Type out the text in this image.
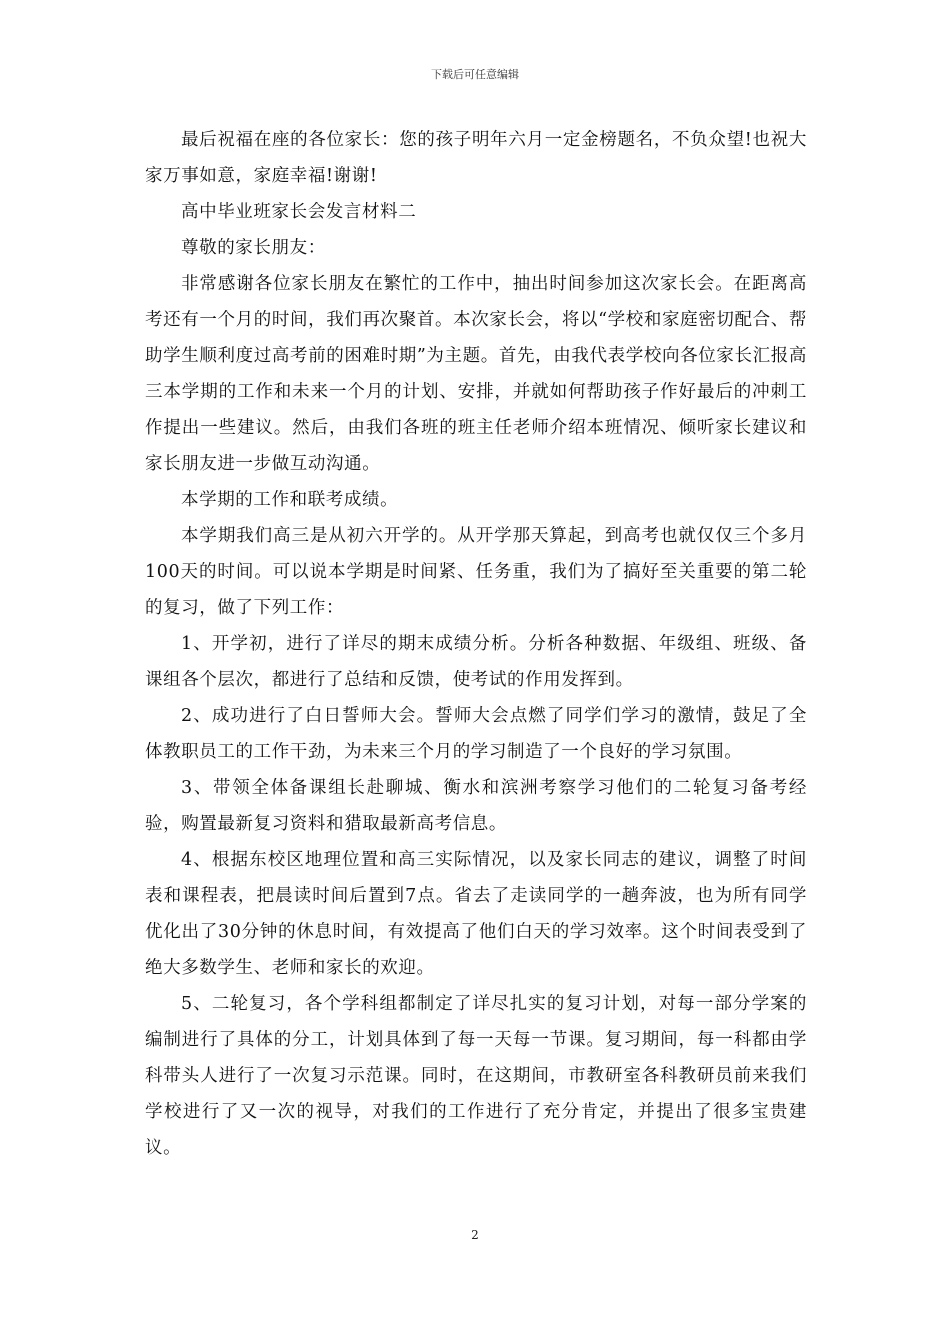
下载后可任意编辑

最后祝福在座的各位家长：您的孩子明年六月一定金榜题名，不负众望!也祝大家万事如意，家庭幸福!谢谢!

高中毕业班家长会发言材料二

尊敬的家长朋友：

非常感谢各位家长朋友在繁忙的工作中，抽出时间参加这次家长会。在距离高考还有一个月的时间，我们再次聚首。本次家长会，将以“学校和家庭密切配合、帮助学生顺利度过高考前的困难时期”为主题。首先，由我代表学校向各位家长汇报高三本学期的工作和未来一个月的计划、安排，并就如何帮助孩子作好最后的冲刺工作提出一些建议。然后，由我们各班的班主任老师介绍本班情况、倾听家长建议和家长朋友进一步做互动沟通。

本学期的工作和联考成绩。

本学期我们高三是从初六开学的。从开学那天算起，到高考也就仅仅三个多月100天的时间。可以说本学期是时间紧、任务重，我们为了搞好至关重要的第二轮的复习，做了下列工作：

1、开学初，进行了详尽的期末成绩分析。分析各种数据、年级组、班级、备课组各个层次，都进行了总结和反馈，使考试的作用发挥到。

2、成功进行了白日誓师大会。誓师大会点燃了同学们学习的激情，鼓足了全体教职员工的工作干劲，为未来三个月的学习制造了一个良好的学习氛围。

3、带领全体备课组长赴聊城、衡水和滨洲考察学习他们的二轮复习备考经验，购置最新复习资料和猎取最新高考信息。

4、根据东校区地理位置和高三实际情况，以及家长同志的建议，调整了时间表和课程表，把晨读时间后置到7点。省去了走读同学的一趟奔波，也为所有同学优化出了30分钟的休息时间，有效提高了他们白天的学习效率。这个时间表受到了绝大多数学生、老师和家长的欢迎。

5、二轮复习，各个学科组都制定了详尽扎实的复习计划，对每一部分学案的编制进行了具体的分工，计划具体到了每一天每一节课。复习期间，每一科都由学科带头人进行了一次复习示范课。同时，在这期间，市教研室各科教研员前来我们学校进行了又一次的视导，对我们的工作进行了充分肯定，并提出了很多宝贵建议。

2
